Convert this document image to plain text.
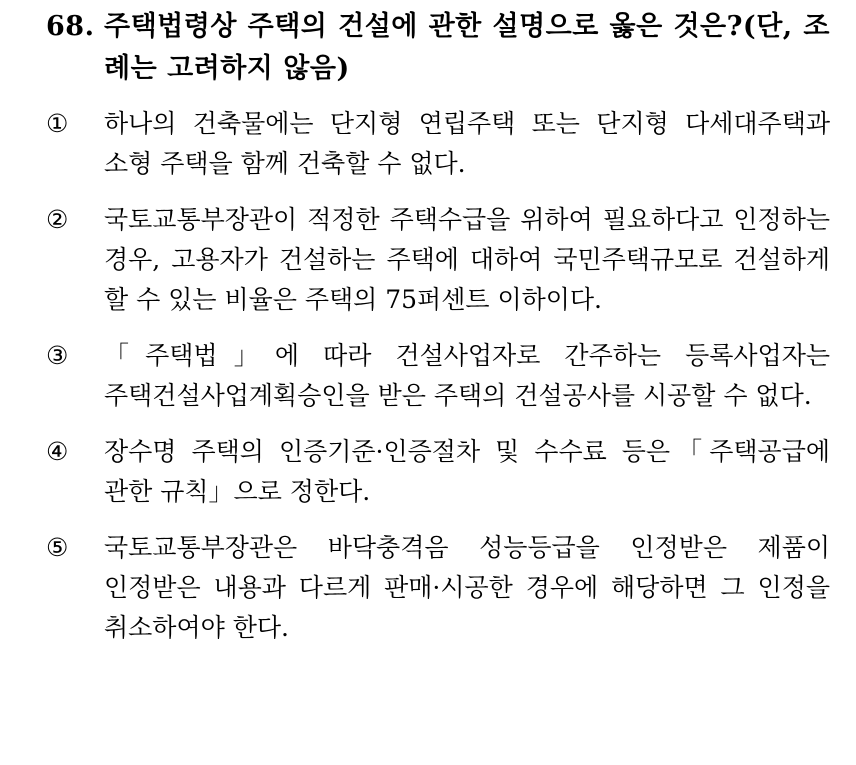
68. 주택법령상 주택의 건설에 관한 설명으로 옳은 것은?(단, 조례는 고려하지 않음)
①	하나의 건축물에는 단지형 연립주택 또는 단지형 다세대주택과 소형 주택을 함께 건축할 수 없다.
②	국토교통부장관이 적정한 주택수급을 위하여 필요하다고 인정하는 경우, 고용자가 건설하는 주택에 대하여 국민주택규모로 건설하게 할 수 있는 비율은 주택의 75퍼센트 이하이다.
③	「주택법」에 따라 건설사업자로 간주하는 등록사업자는 주택건설사업계획승인을 받은 주택의 건설공사를 시공할 수 없다.
④	장수명 주택의 인증기준·인증절차 및 수수료 등은「주택공급에 관한 규칙」으로 정한다.
⑤	국토교통부장관은 바닥충격음 성능등급을 인정받은 제품이 인정받은 내용과 다르게 판매·시공한 경우에 해당하면 그 인정을 취소하여야 한다.
